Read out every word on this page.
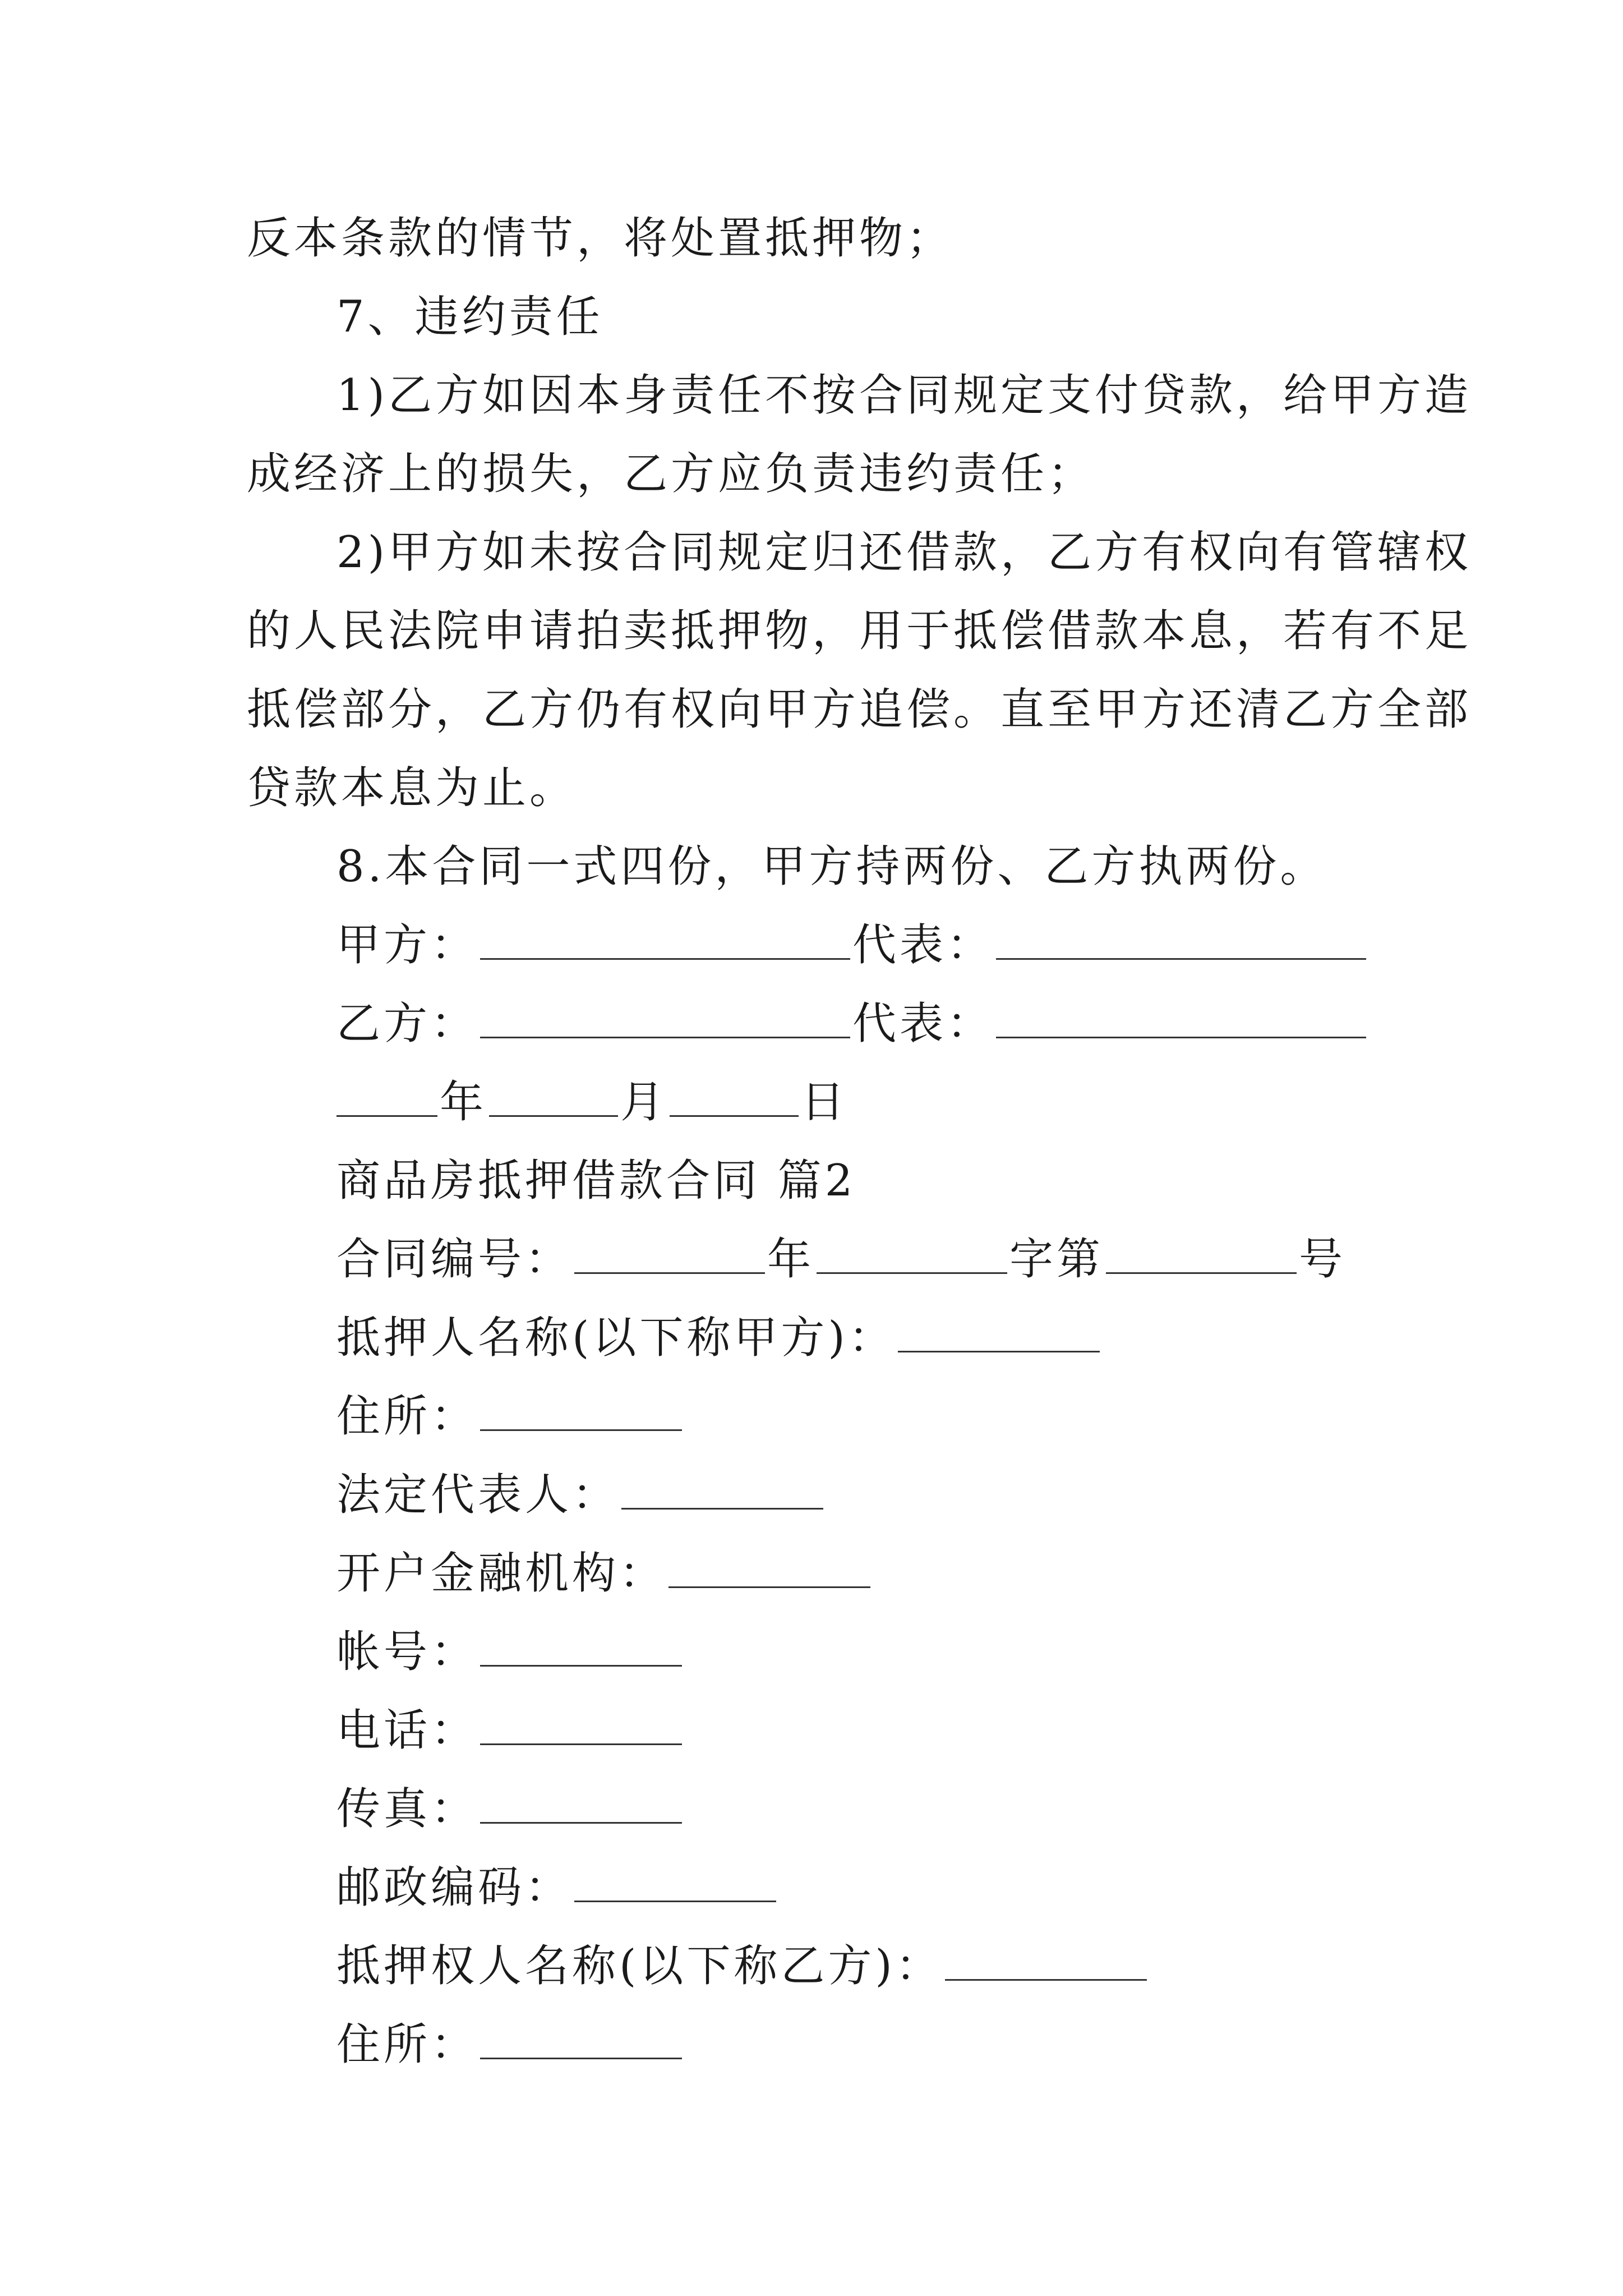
反本条款的情节，将处置抵押物；
7、违约责任
1)乙方如因本身责任不按合同规定支付贷款，给甲方造
成经济上的损失，乙方应负责违约责任；
2)甲方如未按合同规定归还借款，乙方有权向有管辖权
的人民法院申请拍卖抵押物，用于抵偿借款本息，若有不足
抵偿部分，乙方仍有权向甲方追偿。直至甲方还清乙方全部
贷款本息为止。
8.本合同一式四份，甲方持两份、乙方执两份。
甲方：	代表：
乙方：	代表：
年	月	日
商品房抵押借款合同 篇2
合同编号：	年	字第	号
抵押人名称(以下称甲方)：
住所：
法定代表人：
开户金融机构：
帐号：
电话：
传真：
邮政编码：
抵押权人名称(以下称乙方)：
住所：
